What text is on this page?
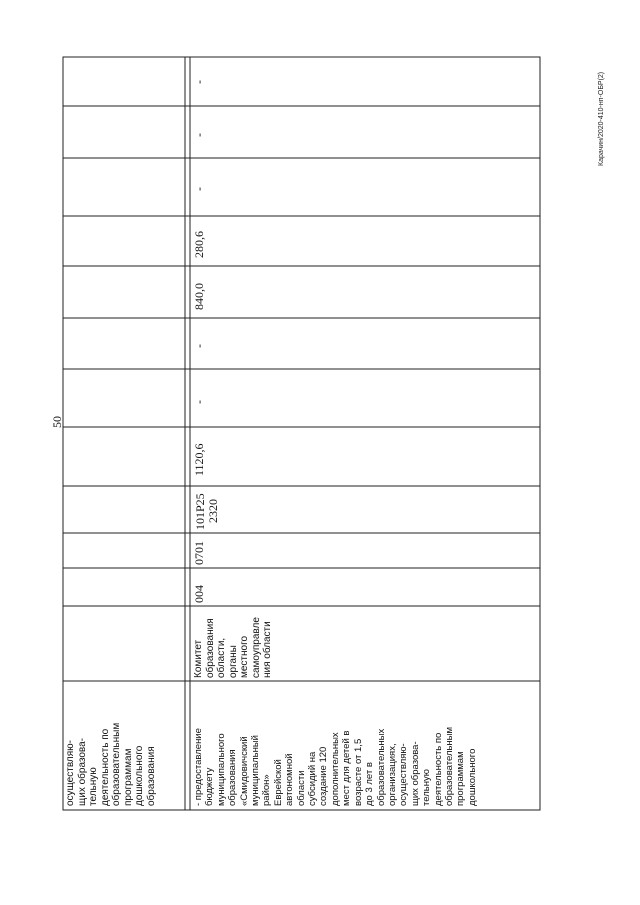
50
Карачин/2020-410-нп-ОБР(2)
осуществляю- щих образова- тельную деятельность по образовательным программам дошкольного образования	- предоставление бюджету муниципального образования «Смидовичский муниципальный район» Еврейской автономной области субсидий на создание 120 дополнительных мест для детей в возрасте от 1,5 до 3 лет в образовательных организациях, осуществляю- щих образова- тельную деятельность по образовательным программам дошкольного
Комитет образования области, органы местного самоуправле ния области
004
0701
101P25 2320
1120,6
-
-
840,0
280,6
-
-
-
